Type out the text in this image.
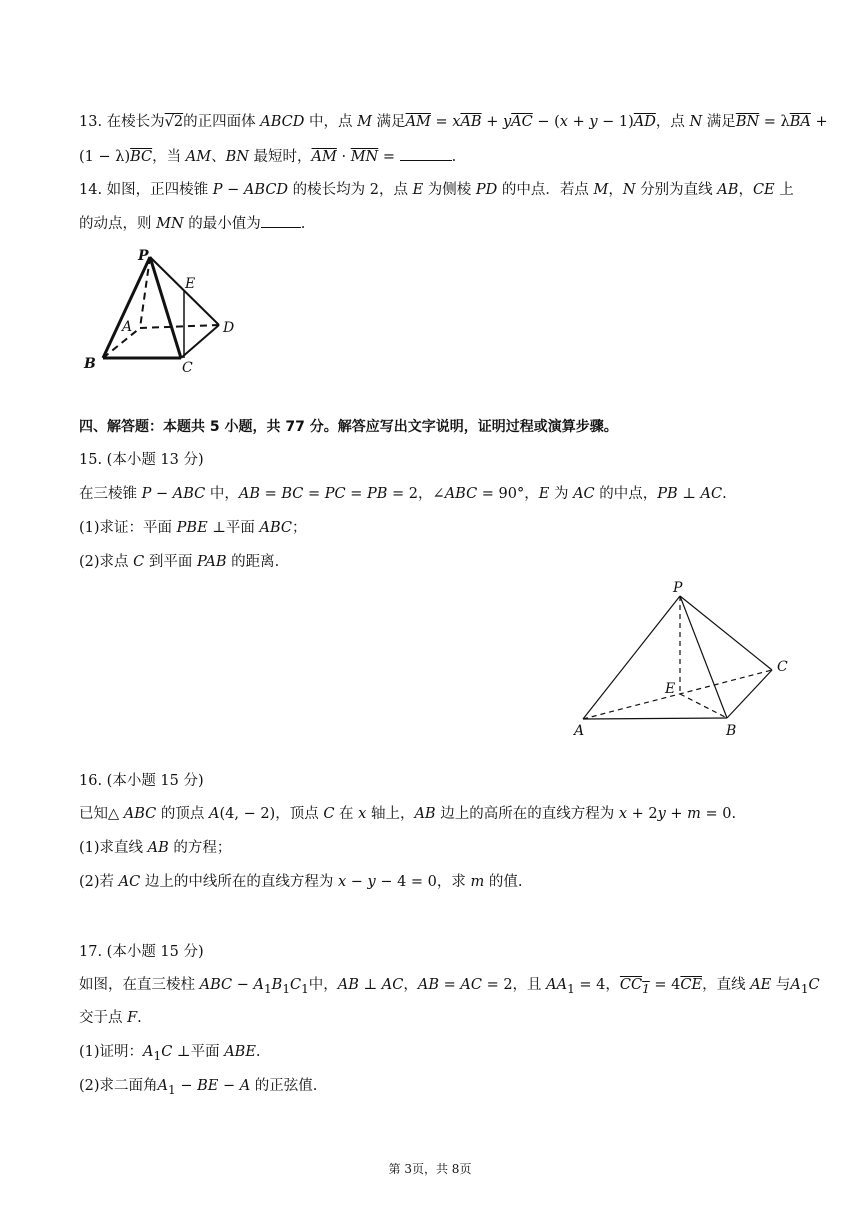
13. 在棱长为√2的正四面体 ABCD 中，点 M 满足$\overline{AM} = x\overline{AB} + y\overline{AC} - (x + y - 1)\overline{AD}$，点 N 满足$\overline{BN} = \lambda\overline{BA}$ +
$(1 - \lambda)\overline{BC}$，当 AM、BN 最短时，$\overline{AM} \cdot \overline{MN}$ =	.
14. 如图，正四棱锥 P − ABCD 的棱长均为 2，点 E 为侧棱 PD 的中点．若点 M，N 分别为直线 AB，CE 上
的动点，则 MN 的最小值为	.
P
E
A	D
B	C
四、解答题：本题共 5 小题，共 77 分。解答应写出文字说明，证明过程或演算步骤。
15. (本小题 13 分)
在三棱锥 P − ABC 中，AB = BC = PC = PB = 2，∠ABC = 90°，E 为 AC 的中点，PB ⊥ AC.
(1)求证：平面 PBE ⊥平面 ABC；
(2)求点 C 到平面 PAB 的距离.
P
C
E
A	B
16. (本小题 15 分)
已知△ ABC 的顶点 A(4, − 2)，顶点 C 在 x 轴上，AB 边上的高所在的直线方程为 x + 2y + m = 0.
(1)求直线 AB 的方程；
(2)若 AC 边上的中线所在的直线方程为 x − y − 4 = 0，求 m 的值.
17. (本小题 15 分)
如图，在直三棱柱 ABC − $A_1B_1C_1$中，AB ⊥ AC，AB = AC = 2，且 $AA_1 = 4$，$CC_1 = 4\overline{CE}$，直线 AE 与$A_1C$
交于点 F.
(1)证明：$A_1C$ ⊥平面 ABE.
(2)求二面角$A_1$ − BE − A 的正弦值.
第 3页，共 8页
